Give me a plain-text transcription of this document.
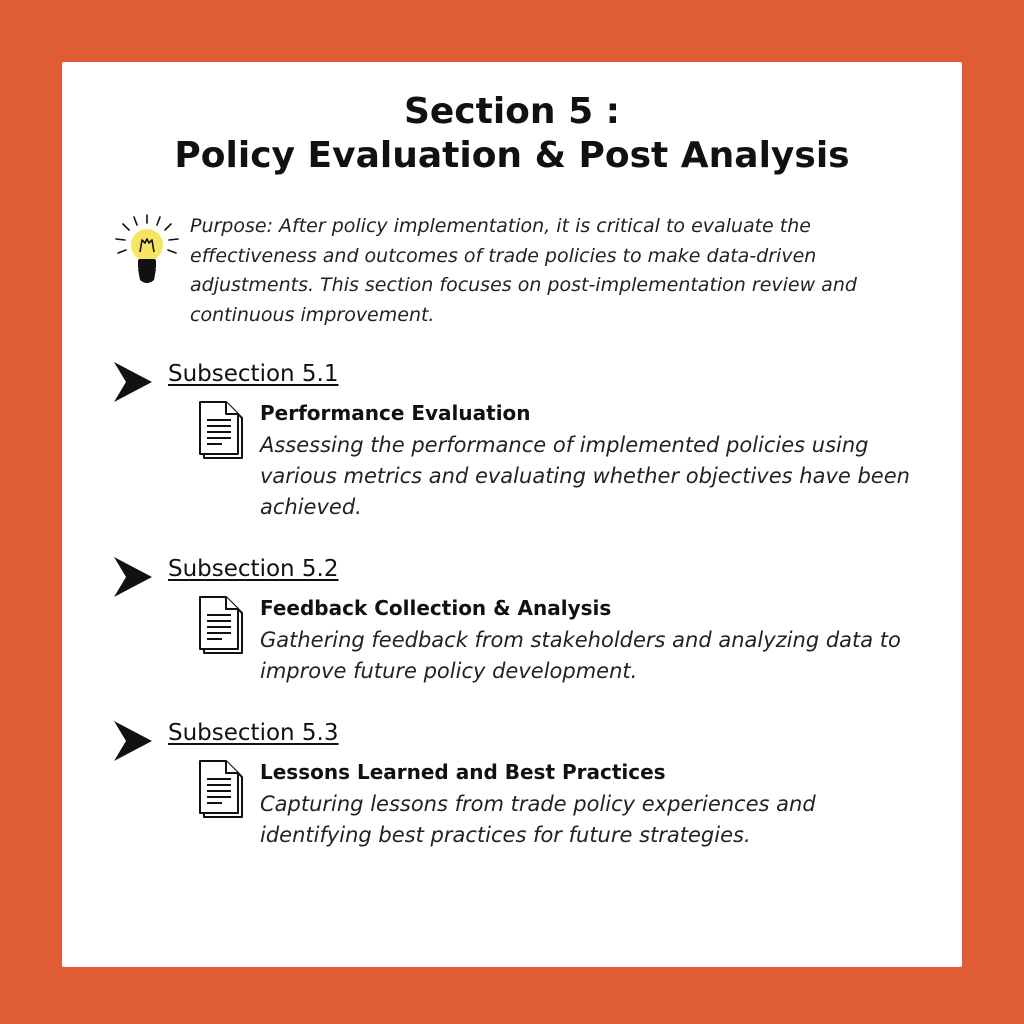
Section 5 :
Policy Evaluation & Post Analysis
Purpose: After policy implementation, it is critical to evaluate the effectiveness and outcomes of trade policies to make data-driven adjustments. This section focuses on post-implementation review and continuous improvement.
Subsection 5.1
Performance Evaluation
Assessing the performance of implemented policies using various metrics and evaluating whether objectives have been achieved.
Subsection 5.2
Feedback Collection & Analysis
Gathering feedback from stakeholders and analyzing data to improve future policy development.
Subsection 5.3
Lessons Learned and Best Practices
Capturing lessons from trade policy experiences and identifying best practices for future strategies.
